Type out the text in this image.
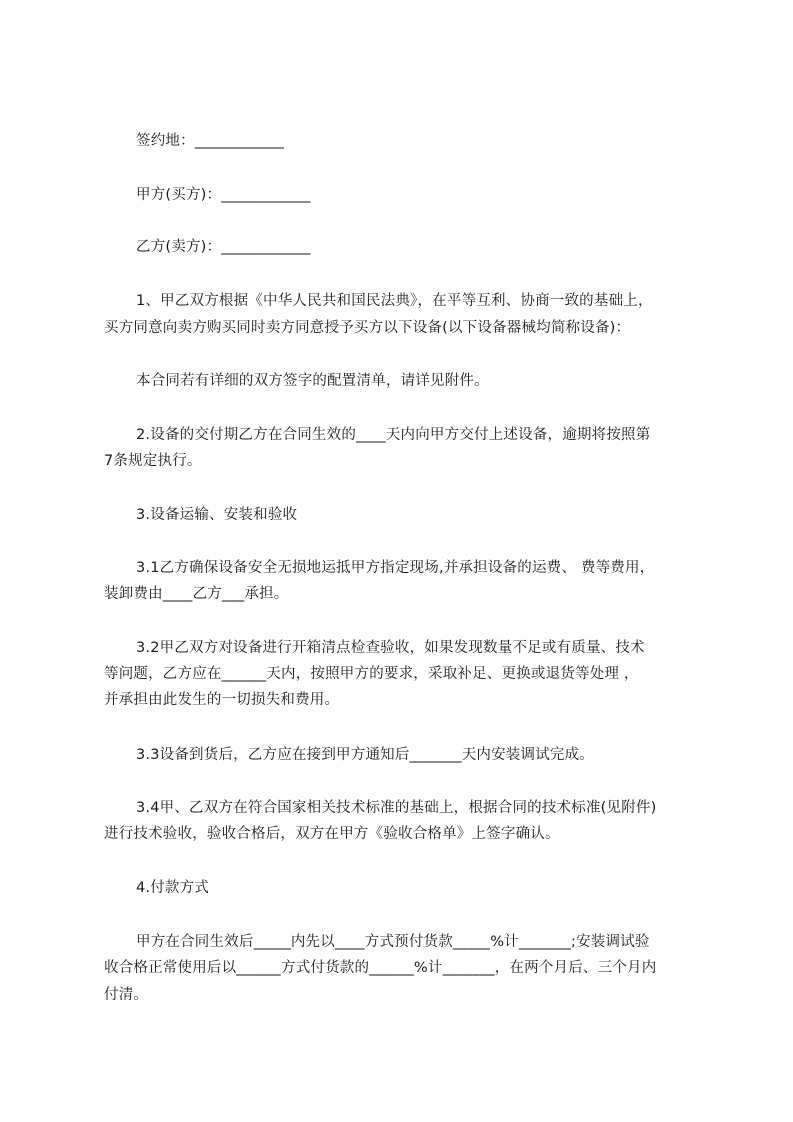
签约地：____________
甲方(买方)：____________
乙方(卖方)：____________
1、甲乙双方根据《中华人民共和国民法典》，在平等互利、协商一致的基础上，
买方同意向卖方购买同时卖方同意授予买方以下设备(以下设备器械均简称设备)：
本合同若有详细的双方签字的配置清单，请详见附件。
2.设备的交付期乙方在合同生效的____天内向甲方交付上述设备，逾期将按照第
7条规定执行。
3.设备运输、安装和验收
3.1乙方确保设备安全无损地运抵甲方指定现场,并承担设备的运费、 费等费用，
装卸费由____乙方___承担。
3.2甲乙双方对设备进行开箱清点检查验收，如果发现数量不足或有质量、技术
等问题，乙方应在______天内，按照甲方的要求，采取补足、更换或退货等处理 ，
并承担由此发生的一切损失和费用。
3.3设备到货后，乙方应在接到甲方通知后_______天内安装调试完成。
3.4甲、乙双方在符合国家相关技术标准的基础上，根据合同的技术标准(见附件)
进行技术验收，验收合格后，双方在甲方《验收合格单》上签字确认。
4.付款方式
甲方在合同生效后_____内先以____方式预付货款_____%计_______;安装调试验
收合格正常使用后以______方式付货款的______%计_______，在两个月后、三个月内
付清。
